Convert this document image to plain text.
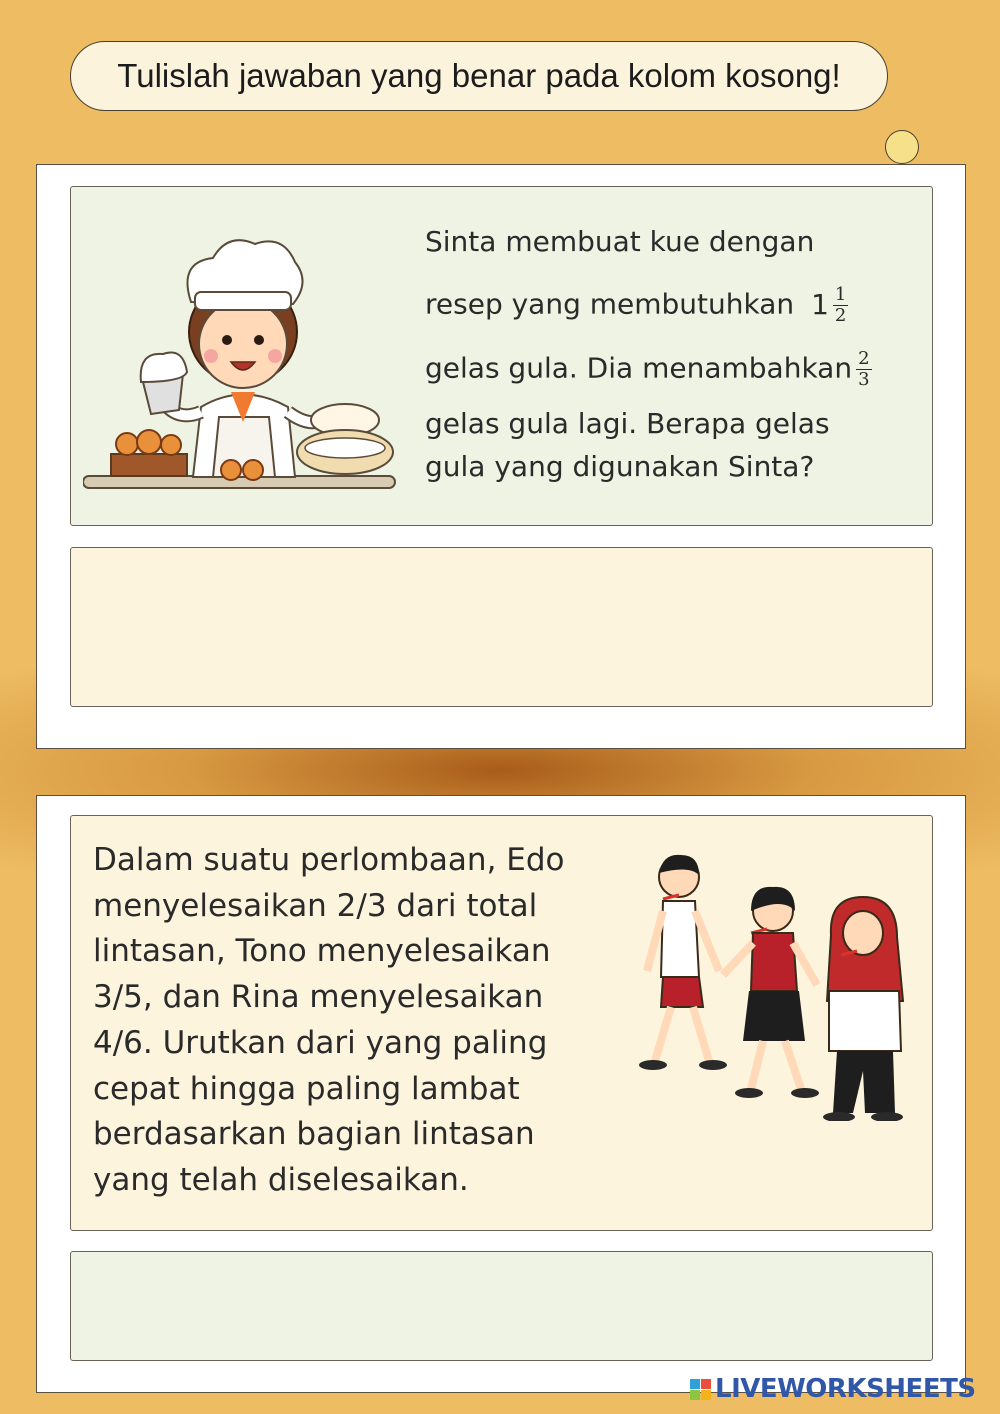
Tulislah jawaban yang benar pada kolom kosong!
Sinta membuat kue dengan
resep yang membutuhkan $1 \frac{1}{2}$
gelas gula. Dia menambahkan $\frac{2}{3}$
gelas gula lagi. Berapa gelas
gula yang digunakan Sinta?
Dalam suatu perlombaan, Edo
menyelesaikan 2/3 dari total
lintasan, Tono menyelesaikan
3/5, dan Rina menyelesaikan
4/6. Urutkan dari yang paling
cepat hingga paling lambat
berdasarkan bagian lintasan
yang telah diselesaikan.
LIVEWORKSHEETS
